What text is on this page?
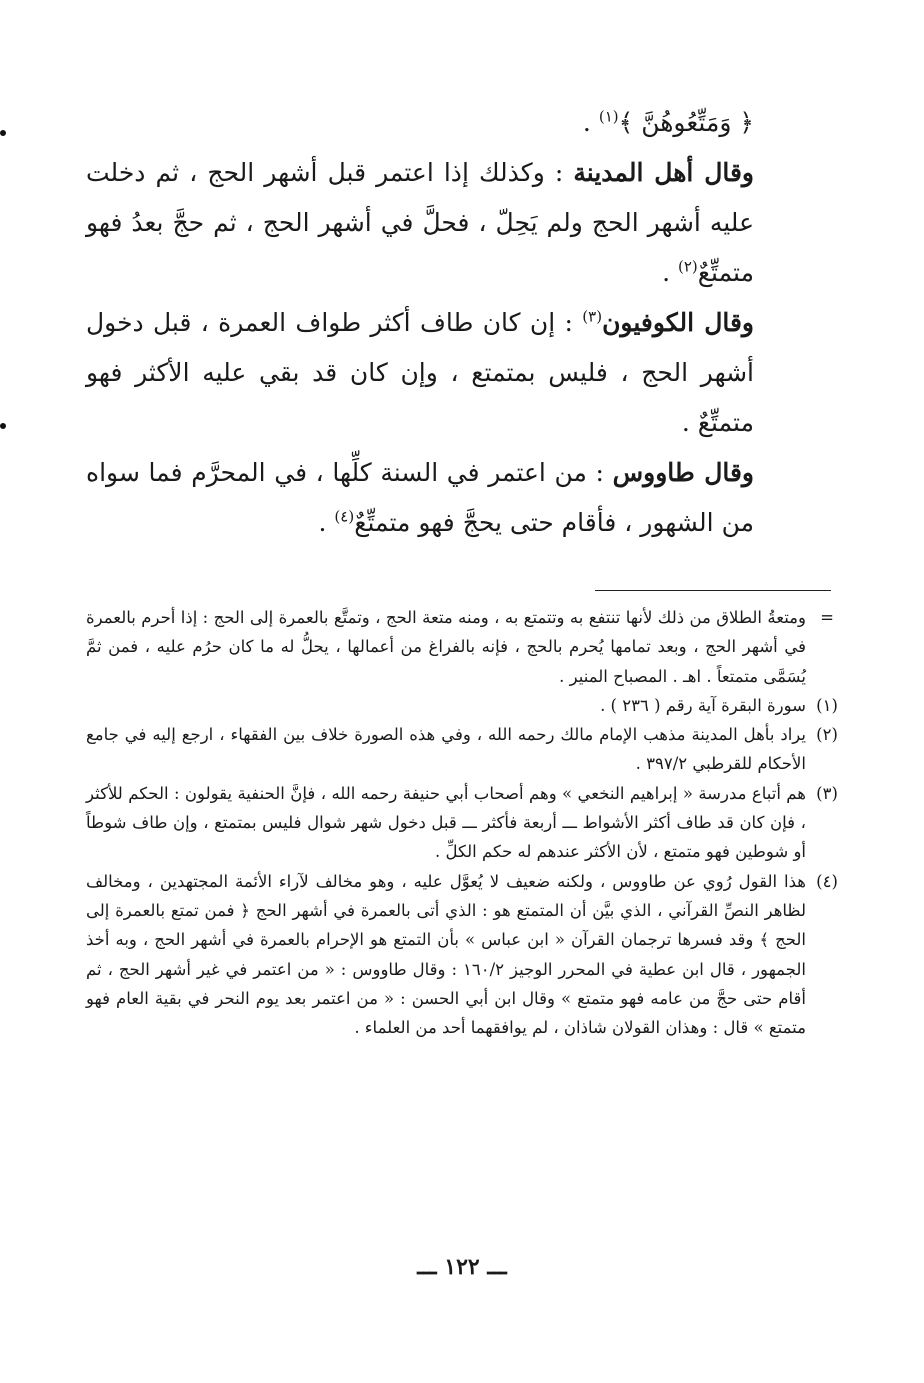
﴿ وَمَتِّعُوهُنَّ ﴾$^{(١)}$ .

وقال أهل المدينة : وكذلك إذا اعتمر قبل أشهر الحج ، ثم دخلت عليه أشهر الحج ولم يَحِلّ ، فحلَّ في أشهر الحج ، ثم حجَّ بعدُ فهو متمتِّعٌ$^{(٢)}$ .

وقال الكوفيون$^{(٣)}$ : إن كان طاف أكثر طواف العمرة ، قبل دخول أشهر الحج ، فليس بمتمتع ، وإن كان قد بقي عليه الأكثر فهو متمتِّعٌ .

وقال طاووس : من اعتمر في السنة كلِّها ، في المحرَّم فما سواه من الشهور ، فأقام حتى يحجَّ فهو متمتِّعٌ$^{(٤)}$ .

=
ومتعةُ الطلاق من ذلك لأنها تنتفع به وتتمتع به ، ومنه متعة الحج ، وتمتَّع بالعمرة إلى الحج : إذا أحرم بالعمرة في أشهر الحج ، وبعد تمامها يُحرم بالحج ، فإنه بالفراغ من أعمالها ، يحلُّ له ما كان حرُم عليه ، فمن ثمَّ يُسَمَّى متمتعاً . اهـ . المصباح المنير .
(١)
سورة البقرة آية رقم ( ٢٣٦ ) .
(٢)
يراد بأهل المدينة مذهب الإمام مالك رحمه الله ، وفي هذه الصورة خلاف بين الفقهاء ، ارجع إليه في جامع الأحكام للقرطبي ٣٩٧/٢ .
(٣)
هم أتباع مدرسة « إبراهيم النخعي » وهم أصحاب أبي حنيفة رحمه الله ، فإنَّ الحنفية يقولون : الحكم للأكثر ، فإن كان قد طاف أكثر الأشواط ـــ أربعة فأكثر ـــ قبل دخول شهر شوال فليس بمتمتع ، وإن طاف شوطاً أو شوطين فهو متمتع ، لأن الأكثر عندهم له حكم الكلِّ .
(٤)
هذا القول رُوي عن طاووس ، ولكنه ضعيف لا يُعوَّل عليه ، وهو مخالف لآراء الأئمة المجتهدين ، ومخالف لظاهر النصِّ القرآني ، الذي بيَّن أن المتمتع هو : الذي أتى بالعمرة في أشهر الحج ﴿ فمن تمتع بالعمرة إلى الحج ﴾ وقد فسرها ترجمان القرآن « ابن عباس » بأن التمتع هو الإحرام بالعمرة في أشهر الحج ، وبه أخذ الجمهور ، قال ابن عطية في المحرر الوجيز ١٦٠/٢ : وقال طاووس : « من اعتمر في غير أشهر الحج ، ثم أقام حتى حجَّ من عامه فهو متمتع » وقال ابن أبي الحسن : « من اعتمر بعد يوم النحر في بقية العام فهو متمتع » قال : وهذان القولان شاذان ، لم يوافقهما أحد من العلماء .
ـــ ١٢٢ ـــ
